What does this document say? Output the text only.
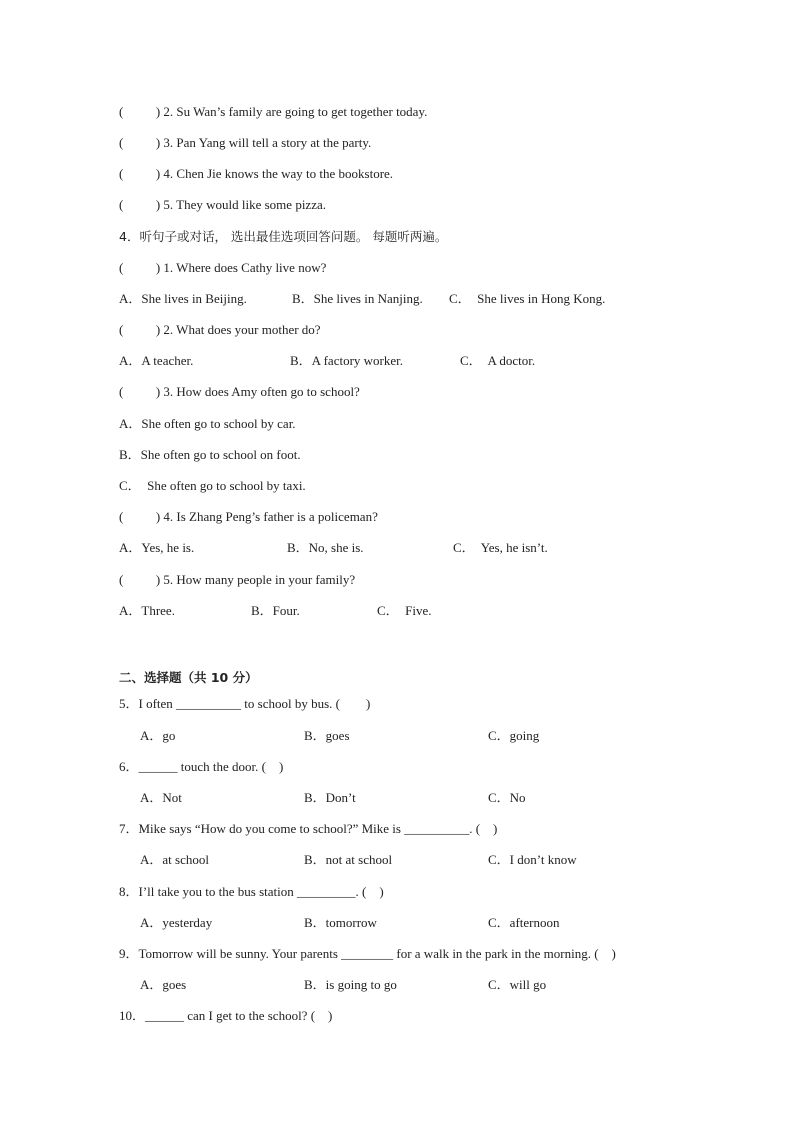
(          ) 2. Su Wan’s family are going to get together today.
(          ) 3. Pan Yang will tell a story at the party.
(          ) 4. Chen Jie knows the way to the bookstore.
(          ) 5. They would like some pizza.
4．听句子或对话， 选出最佳选项回答问题。 每题听两遍。
(          ) 1. Where does Cathy live now?
A．She lives in Beijing.	B．She lives in Nanjing. C．  She lives in Hong Kong.
(          ) 2. What does your mother do?
A．A teacher.	B．A factory worker.	C．  A doctor.
(          ) 3. How does Amy often go to school?
A．She often go to school by car.
B．She often go to school on foot.
C．  She often go to school by taxi.
(          ) 4. Is Zhang Peng’s father is a policeman?
A．Yes, he is.	B．No, she is.	C．  Yes, he isn’t.
(          ) 5. How many people in your family?
A．Three.	B．Four.	C．  Five.
二、选择题（共 10 分）
5．I often __________ to school by bus. (        )
A．go	B．goes	C．going
6．______ touch the door. (    )
A．Not	B．Don’t	C．No
7．Mike says “How do you come to school?” Mike is __________. (    )
A．at school	B．not at school	C．I don’t know
8．I’ll take you to the bus station _________. (    )
A．yesterday	B．tomorrow	C．afternoon
9．Tomorrow will be sunny. Your parents ________ for a walk in the park in the morning. (    )
A．goes	B．is going to go	C．will go
10．______ can I get to the school? (    )
